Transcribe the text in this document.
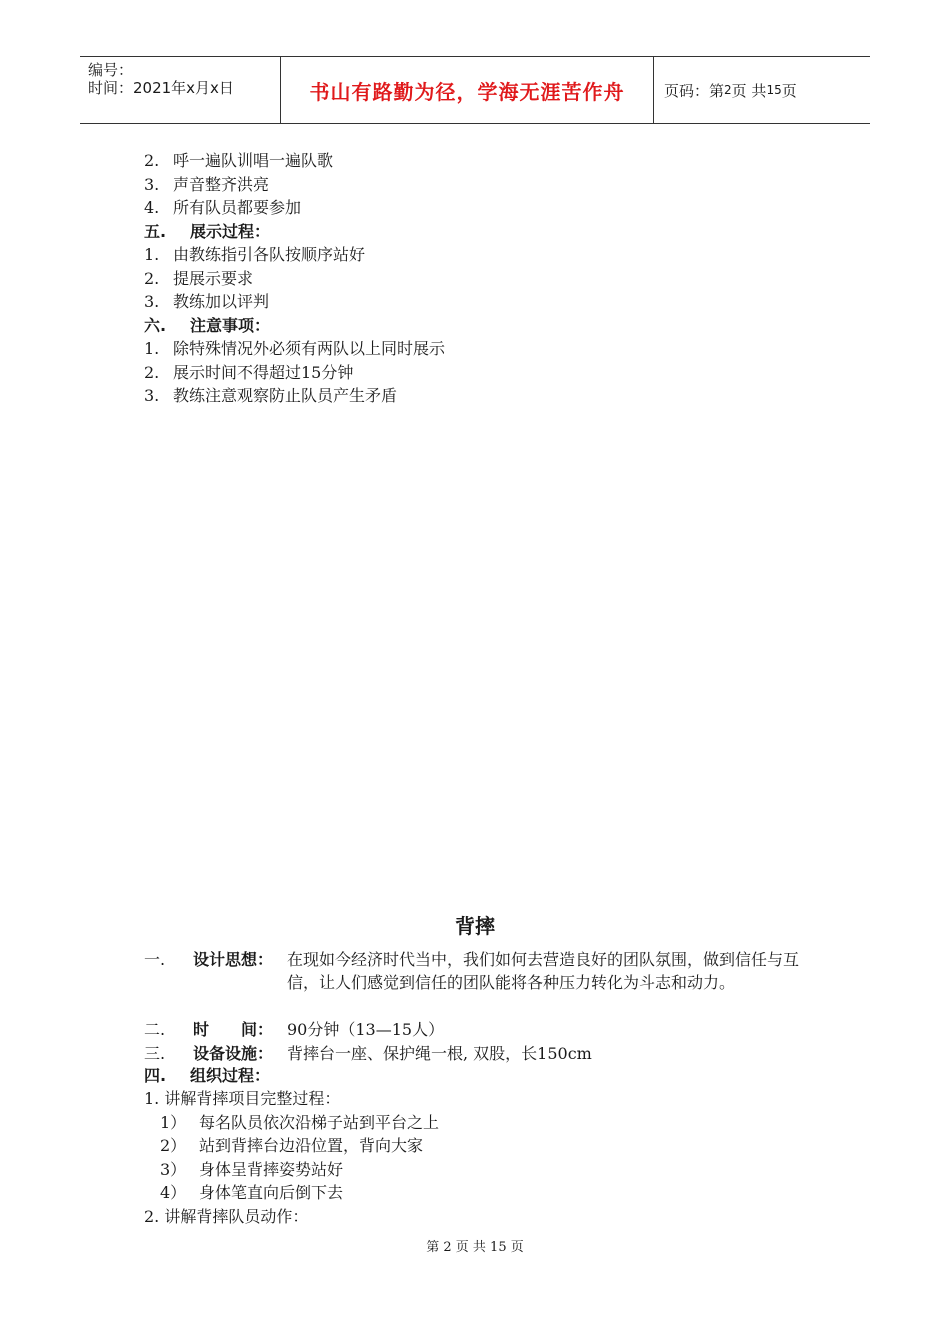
编号：
时间：2021年x月x日	书山有路勤为径，学海无涯苦作舟	页码：第 2 页 共 15 页
2. 呼一遍队训唱一遍队歌
3. 声音整齐洪亮
4. 所有队员都要参加
五. 展示过程：
1. 由教练指引各队按顺序站好
2. 提展示要求
3. 教练加以评判
六. 注意事项：
1. 除特殊情况外必须有两队以上同时展示
2. 展示时间不得超过15分钟
3. 教练注意观察防止队员产生矛盾
背摔
一.	设计思想： 在现如今经济时代当中，我们如何去营造良好的团队氛围，做到信任与互信，让人们感觉到信任的团队能将各种压力转化为斗志和动力。
二.	时　　间： 90分钟（13—15人）
三.	设备设施： 背摔台一座、保护绳一根, 双股，长150cm
四. 组织过程：
1. 讲解背摔项目完整过程：
1） 每名队员依次沿梯子站到平台之上
2） 站到背摔台边沿位置，背向大家
3） 身体呈背摔姿势站好
4） 身体笔直向后倒下去
2. 讲解背摔队员动作：
第 2 页 共 15 页
